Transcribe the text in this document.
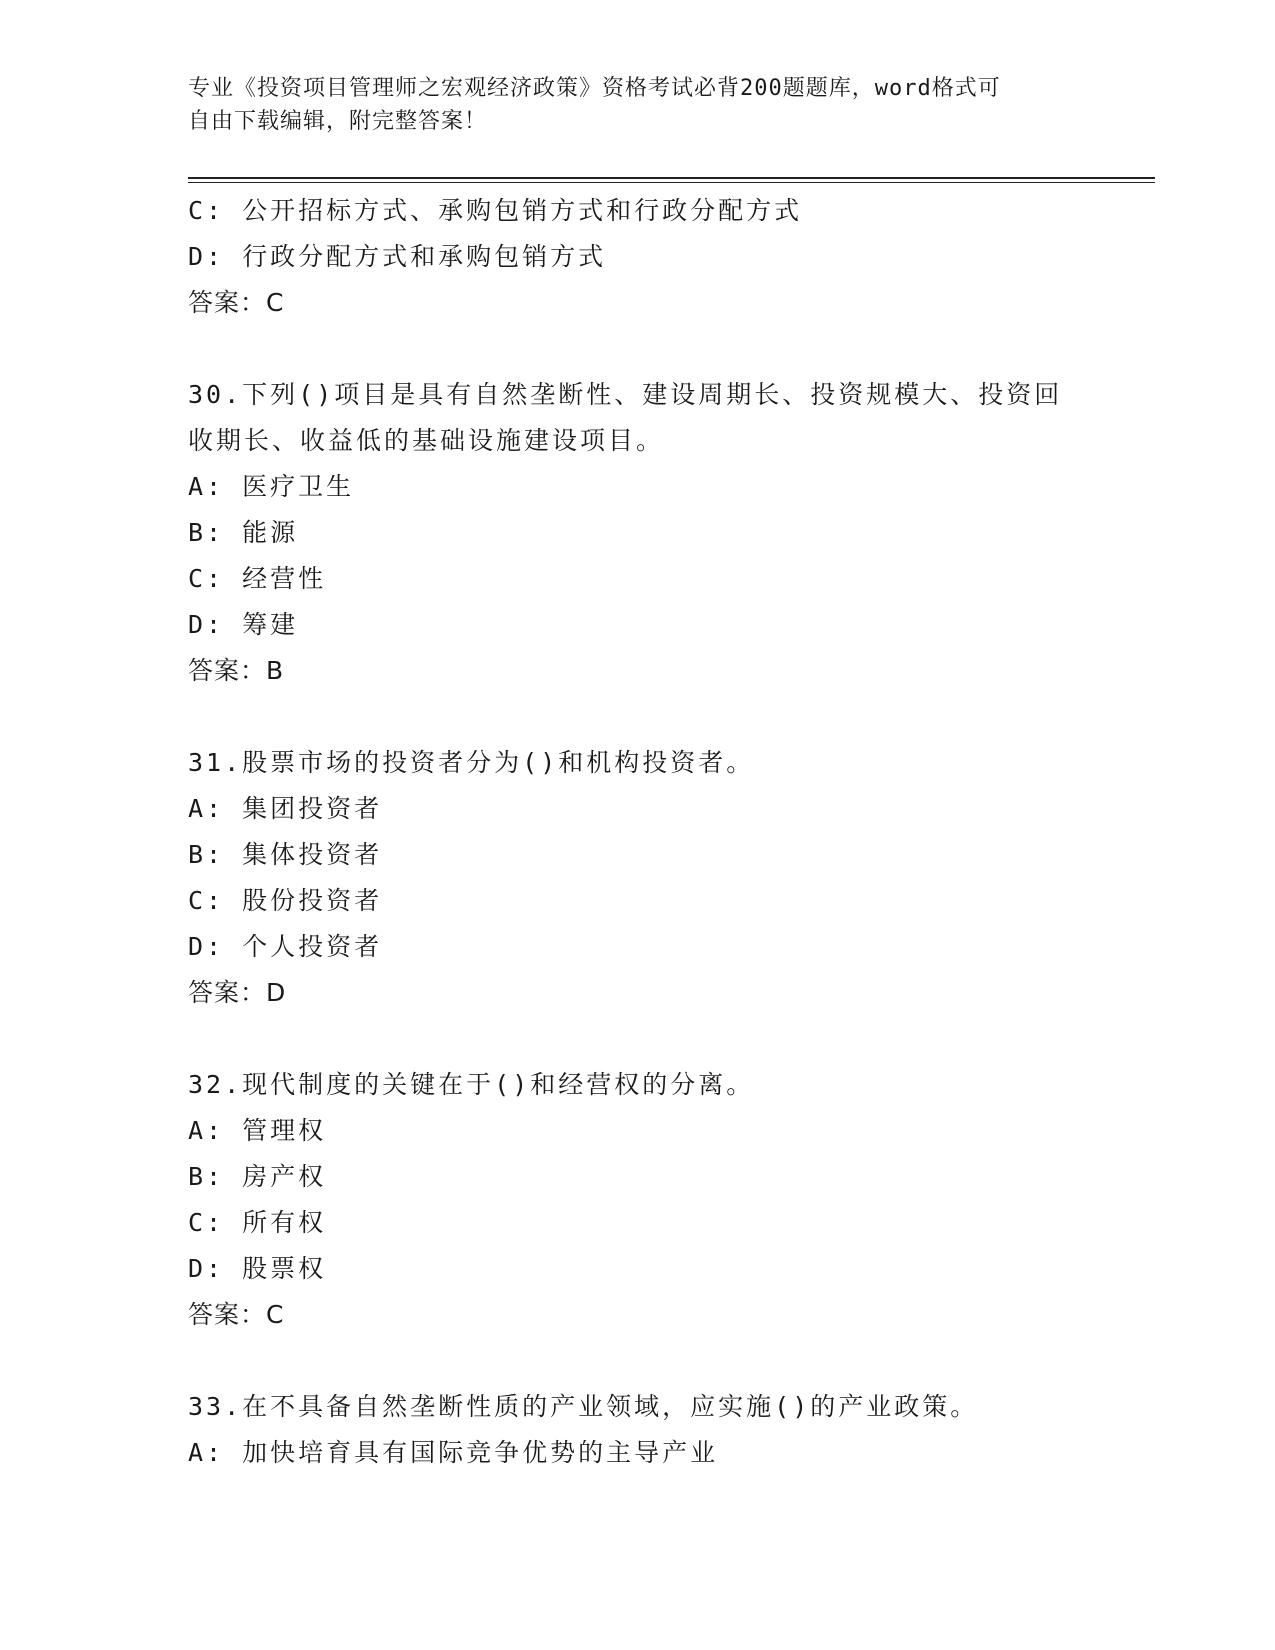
专业《投资项目管理师之宏观经济政策》资格考试必背200题题库，word格式可
自由下载编辑，附完整答案！
C: 公开招标方式、承购包销方式和行政分配方式
D: 行政分配方式和承购包销方式
答案：C
30.下列()项目是具有自然垄断性、建设周期长、投资规模大、投资回收期长、收益低的基础设施建设项目。
A: 医疗卫生
B: 能源
C: 经营性
D: 筹建
答案：B
31.股票市场的投资者分为()和机构投资者。
A: 集团投资者
B: 集体投资者
C: 股份投资者
D: 个人投资者
答案：D
32.现代制度的关键在于()和经营权的分离。
A: 管理权
B: 房产权
C: 所有权
D: 股票权
答案：C
33.在不具备自然垄断性质的产业领域，应实施()的产业政策。
A: 加快培育具有国际竞争优势的主导产业
